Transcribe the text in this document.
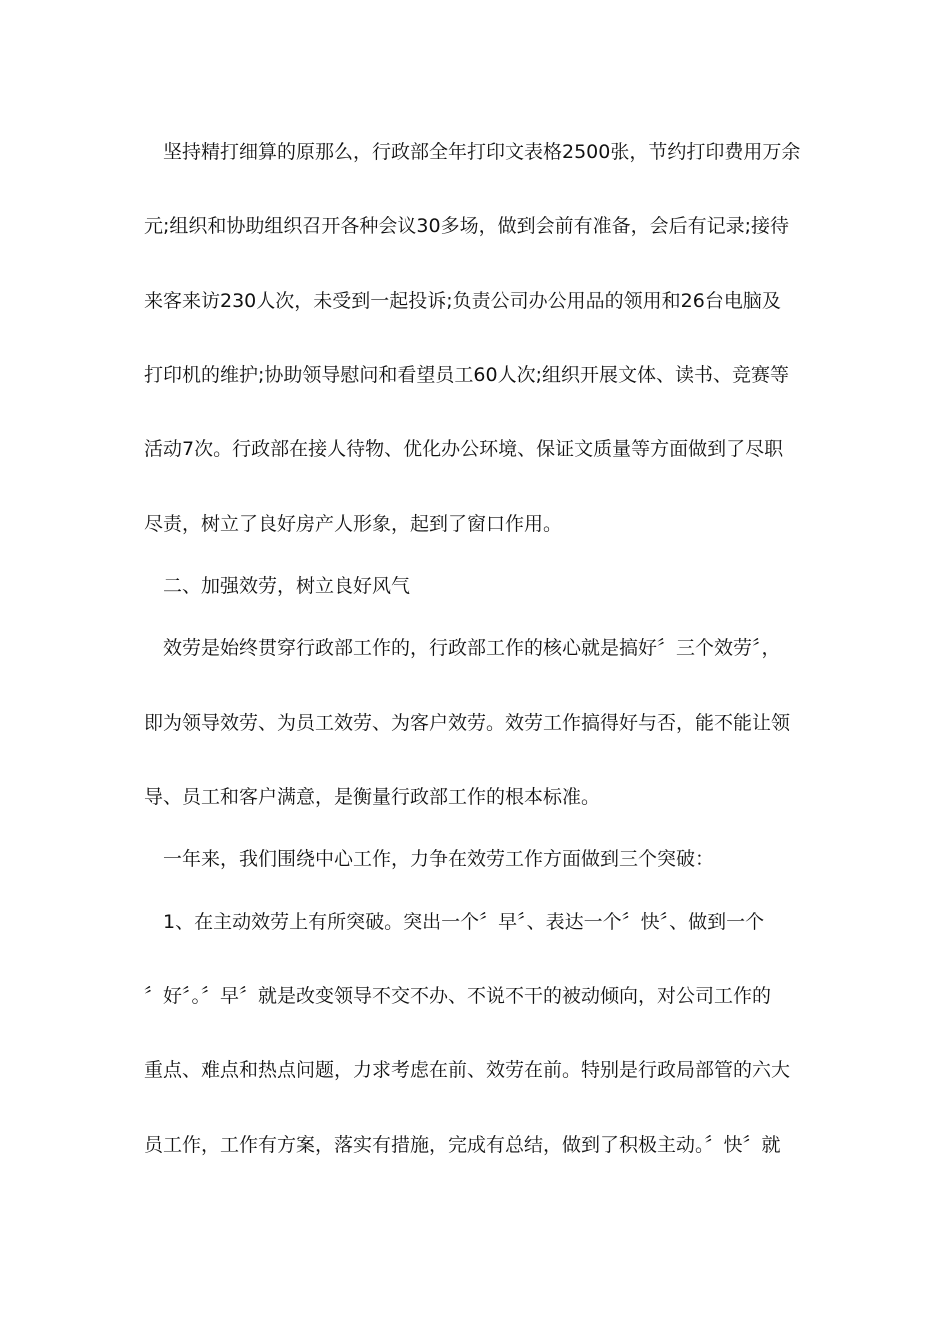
坚持精打细算的原那么，行政部全年打印文表格2500张，节约打印费用万余
元;组织和协助组织召开各种会议30多场，做到会前有准备，会后有记录;接待
来客来访230人次，未受到一起投诉;负责公司办公用品的领用和26台电脑及
打印机的维护;协助领导慰问和看望员工60人次;组织开展文体、读书、竞赛等
活动7次。行政部在接人待物、优化办公环境、保证文质量等方面做到了尽职
尽责，树立了良好房产人形象，起到了窗口作用。
二、加强效劳，树立良好风气
效劳是始终贯穿行政部工作的，行政部工作的核心就是搞好〞三个效劳〞，
即为领导效劳、为员工效劳、为客户效劳。效劳工作搞得好与否，能不能让领
导、员工和客户满意，是衡量行政部工作的根本标准。
一年来，我们围绕中心工作，力争在效劳工作方面做到三个突破：
1、在主动效劳上有所突破。突出一个〞早〞、表达一个〞快〞、做到一个
〞好〞。〞早〞就是改变领导不交不办、不说不干的被动倾向，对公司工作的
重点、难点和热点问题，力求考虑在前、效劳在前。特别是行政局部管的六大
员工作，工作有方案，落实有措施，完成有总结，做到了积极主动。〞快〞就
